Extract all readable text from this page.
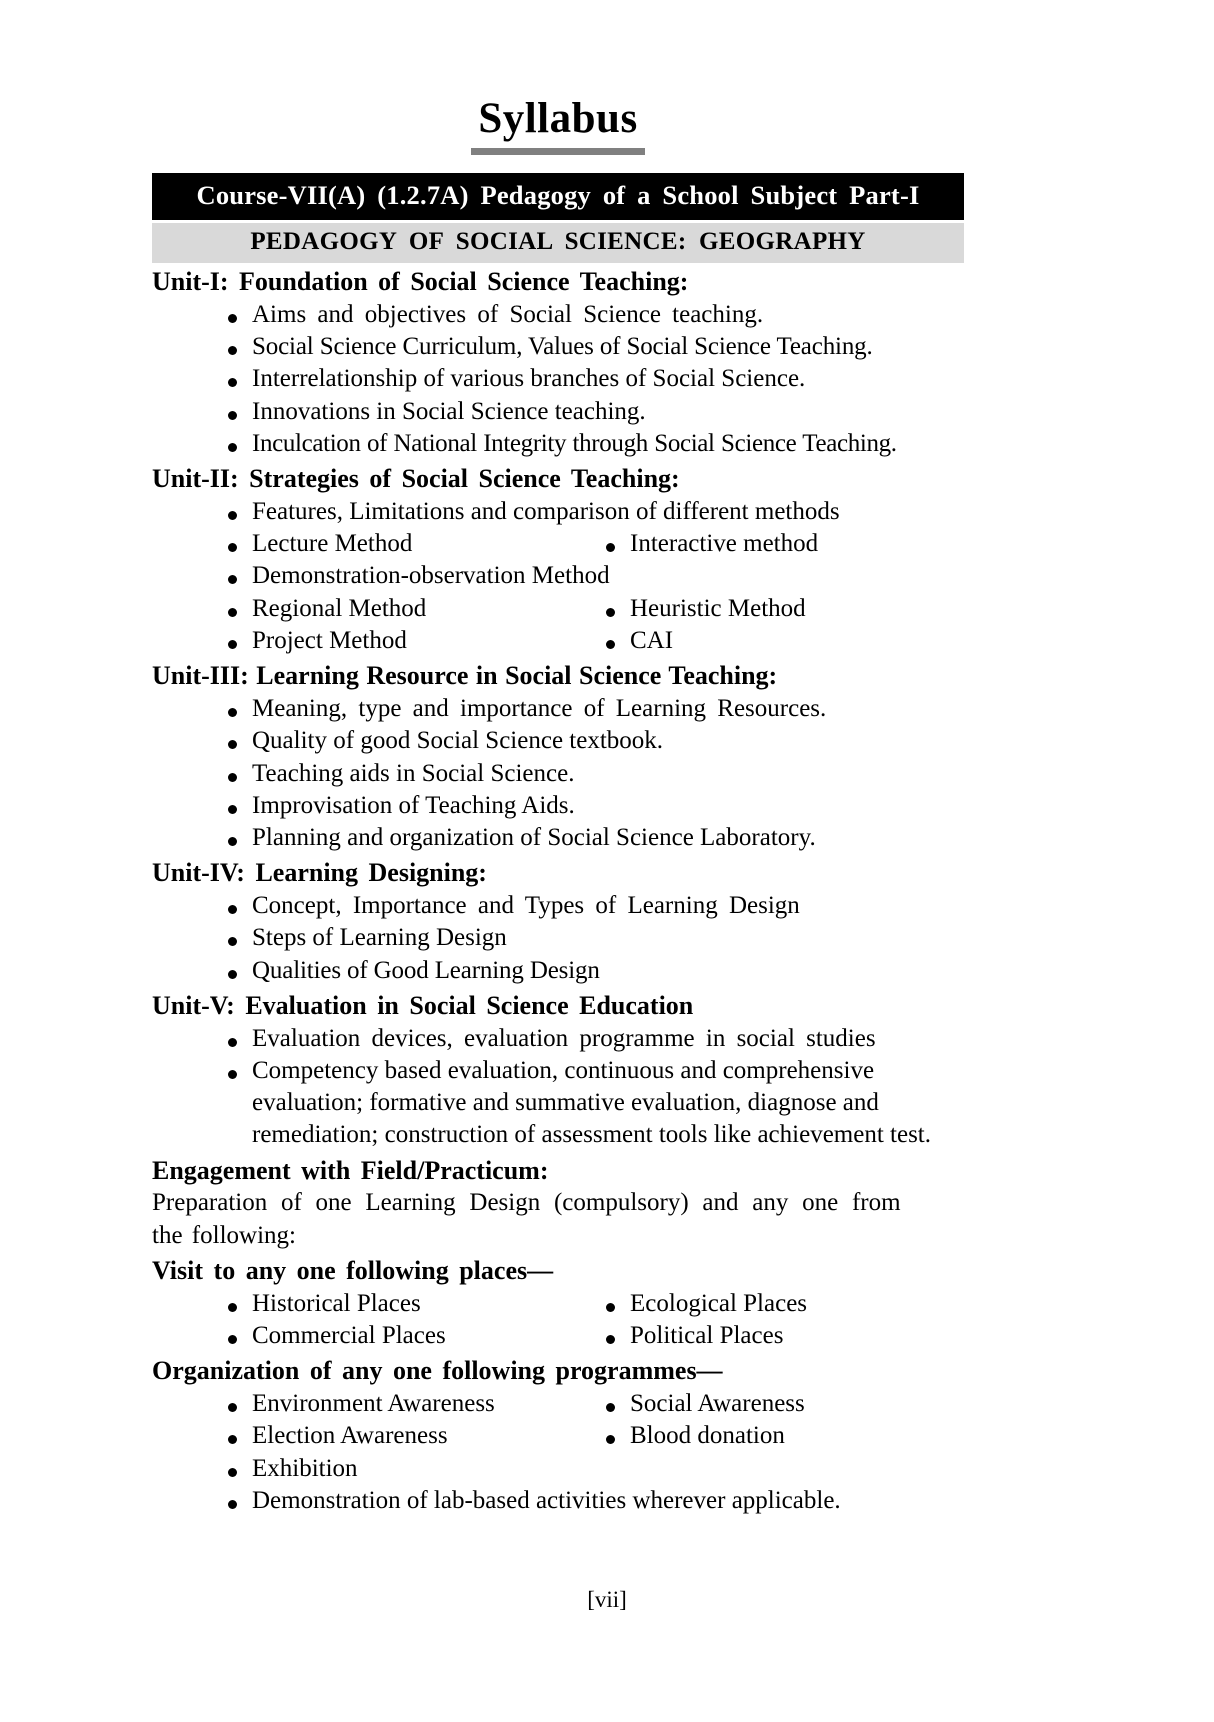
Syllabus
Course-VII(A) (1.2.7A) Pedagogy of a School Subject Part-I
PEDAGOGY OF SOCIAL SCIENCE: GEOGRAPHY
Unit-I: Foundation of Social Science Teaching:
Aims and objectives of Social Science teaching.
Social Science Curriculum, Values of Social Science Teaching.
Interrelationship of various branches of Social Science.
Innovations in Social Science teaching.
Inculcation of National Integrity through Social Science Teaching.
Unit-II: Strategies of Social Science Teaching:
Features, Limitations and comparison of different methods
Lecture Method	Interactive method
Demonstration-observation Method
Regional Method	Heuristic Method
Project Method	CAI
Unit-III: Learning Resource in Social Science Teaching:
Meaning, type and importance of Learning Resources.
Quality of good Social Science textbook.
Teaching aids in Social Science.
Improvisation of Teaching Aids.
Planning and organization of Social Science Laboratory.
Unit-IV: Learning Designing:
Concept, Importance and Types of Learning Design
Steps of Learning Design
Qualities of Good Learning Design
Unit-V: Evaluation in Social Science Education
Evaluation devices, evaluation programme in social studies
Competency based evaluation, continuous and comprehensive evaluation; formative and summative evaluation, diagnose and remediation; construction of assessment tools like achievement test.
Engagement with Field/Practicum:
Preparation of one Learning Design (compulsory) and any one from
the following:
Visit to any one following places—
Historical Places	Ecological Places
Commercial Places	Political Places
Organization of any one following programmes—
Environment Awareness	Social Awareness
Election Awareness	Blood donation
Exhibition
Demonstration of lab-based activities wherever applicable.
[vii]
